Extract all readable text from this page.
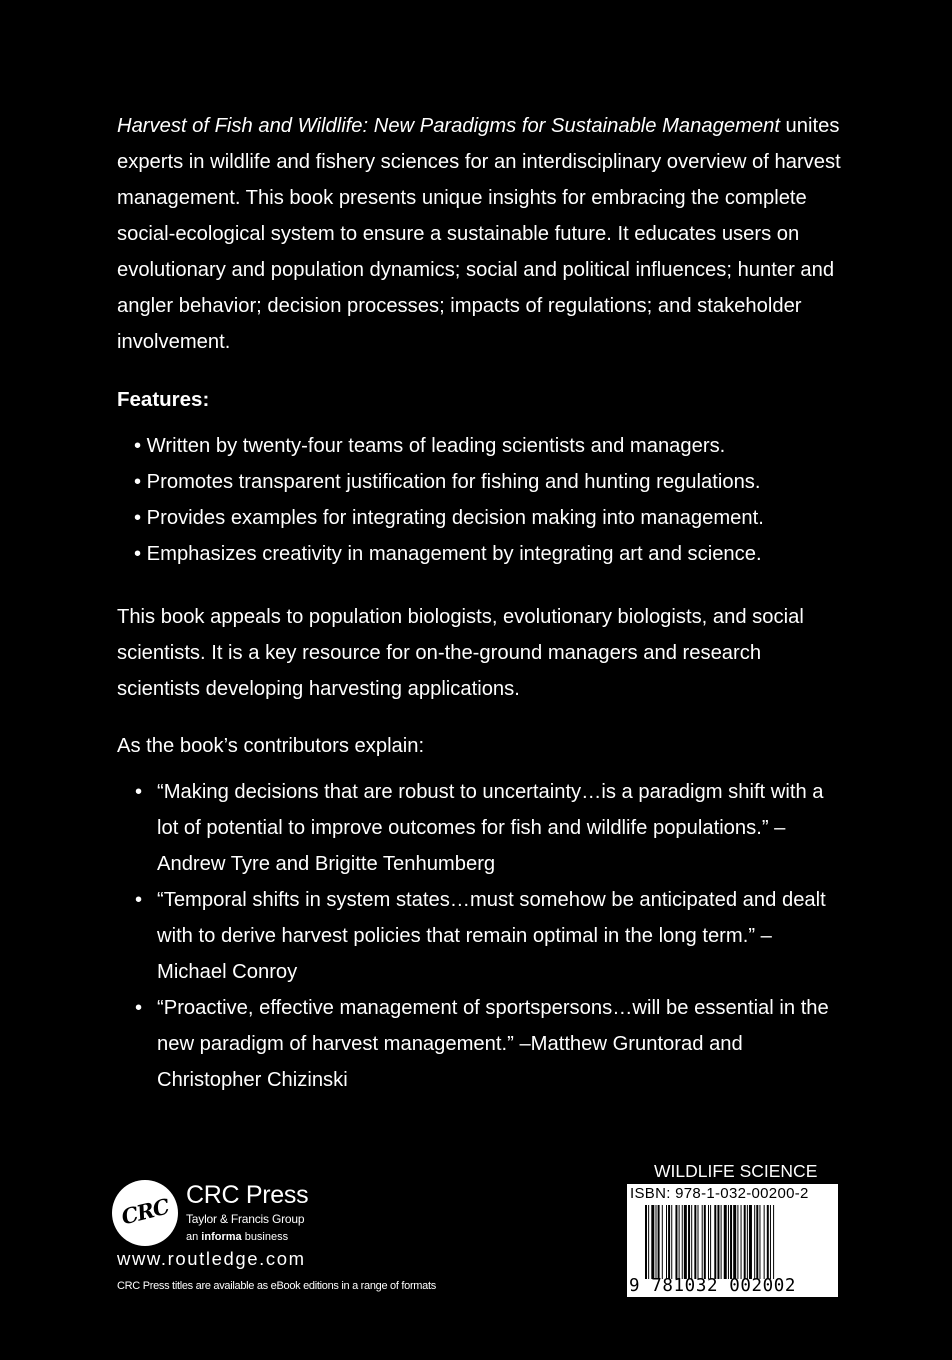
Harvest of Fish and Wildlife: New Paradigms for Sustainable Management unites experts in wildlife and fishery sciences for an interdisciplinary overview of harvest management. This book presents unique insights for embracing the complete social-ecological system to ensure a sustainable future. It educates users on evolutionary and population dynamics; social and political influences; hunter and angler behavior; decision processes; impacts of regulations; and stakeholder involvement.
Features:
• Written by twenty-four teams of leading scientists and managers.
• Promotes transparent justification for fishing and hunting regulations.
• Provides examples for integrating decision making into management.
• Emphasizes creativity in management by integrating art and science.
This book appeals to population biologists, evolutionary biologists, and social scientists. It is a key resource for on-the-ground managers and research scientists developing harvesting applications.
As the book’s contributors explain:
• “Making decisions that are robust to uncertainty…is a paradigm shift with a lot of potential to improve outcomes for fish and wildlife populations.” –Andrew Tyre and Brigitte Tenhumberg
• “Temporal shifts in system states…must somehow be anticipated and dealt with to derive harvest policies that remain optimal in the long term.” –Michael Conroy
• “Proactive, effective management of sportspersons…will be essential in the new paradigm of harvest management.” –Matthew Gruntorad and Christopher Chizinski
CRC CRC Press
Taylor & Francis Group
an informa business
www.routledge.com
CRC Press titles are available as eBook editions in a range of formats
WILDLIFE SCIENCE
ISBN: 978-1-032-00200-2
9 781032 002002
